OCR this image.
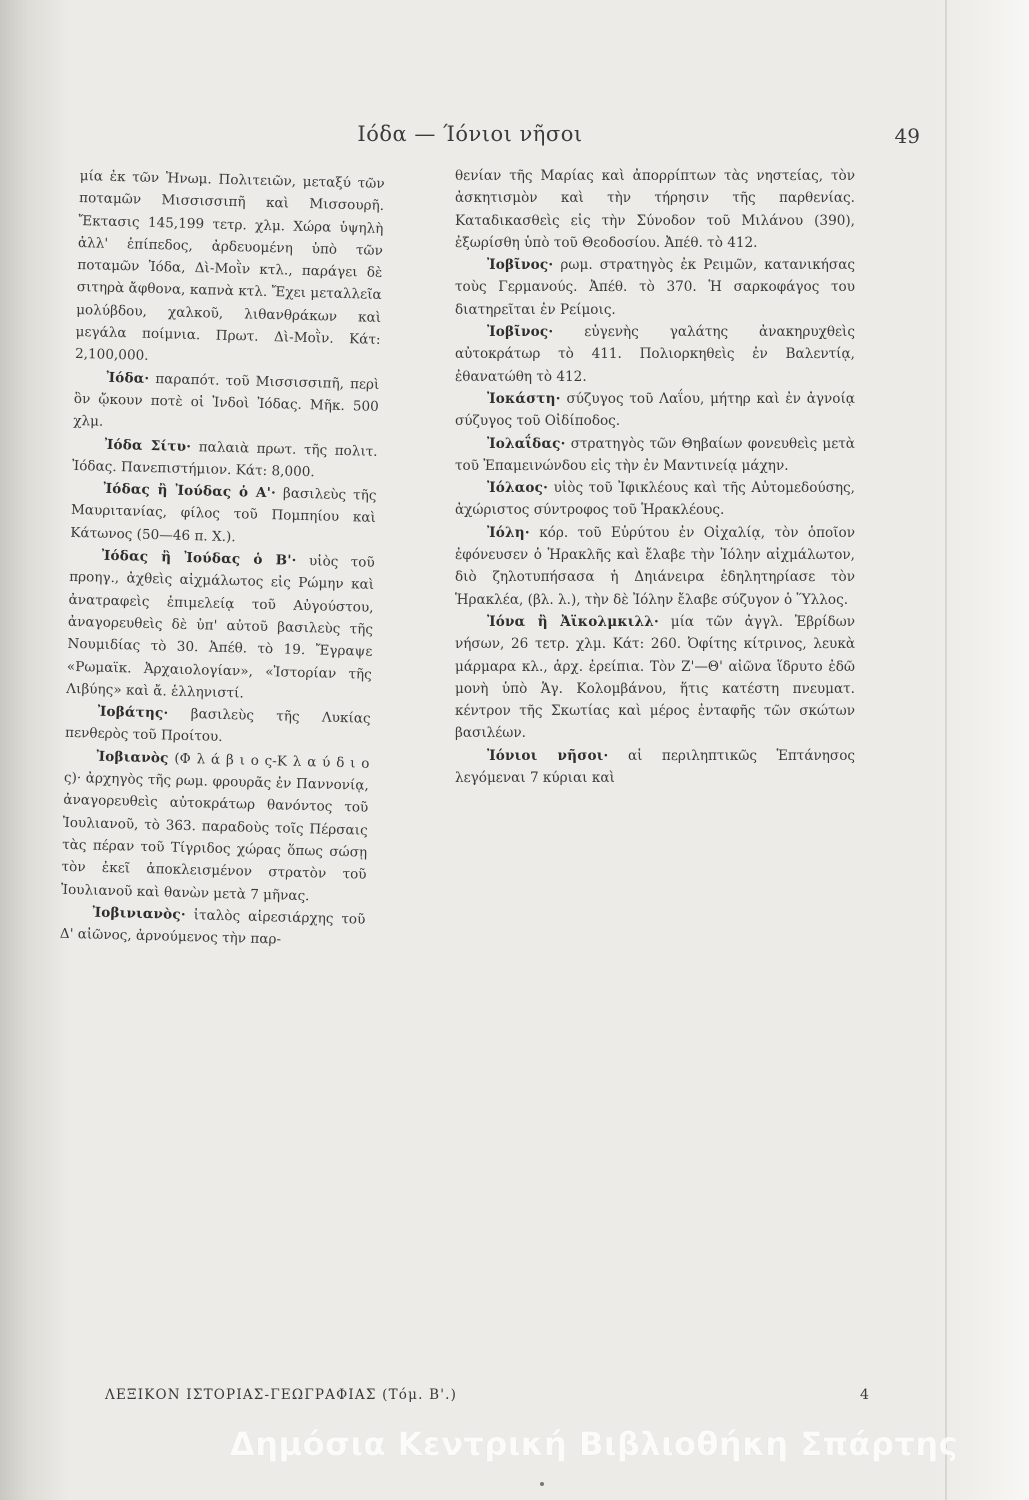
Ιόδα — Ίόνιοι νῆσοι	49

μία ἐκ τῶν Ἡνωμ. Πολιτειῶν, μεταξύ τῶν ποταμῶν Μισσισσιπῆ καὶ Μισσουρῆ. Ἔκτασις 145,199 τετρ. χλμ. Χώρα ὑψηλὴ ἀλλ' ἐπίπεδος, ἀρδευομένη ὑπὸ τῶν ποταμῶν Ἰόδα, Δὶ-Μοῒν κτλ., παράγει δὲ σιτηρὰ ἄφθονα, καπνὰ κτλ. Ἔχει μεταλλεῖα μολύβδου, χαλκοῦ, λιθανθράκων καὶ μεγάλα ποίμνια. Πρωτ. Δὶ-Μοῒν. Κάτ: 2,100,000.

Ἰόδα· παραπότ. τοῦ Μισσισσιπῆ, περὶ ὃν ᾤκουν ποτὲ οἱ Ἰνδοὶ Ἰόδας. Μῆκ. 500 χλμ.

Ἰόδα Σίτυ· παλαιὰ πρωτ. τῆς πολιτ. Ἰόδας. Πανεπιστήμιον. Κάτ: 8,000.

Ἰόδας ἢ Ἰούδας ὁ Α'· βασιλεὺς τῆς Μαυριτανίας, φίλος τοῦ Πομπηίου καὶ Κάτωνος (50—46 π. Χ.).

Ἰόδας ἢ Ἰούδας ὁ Β'· υἱὸς τοῦ προηγ., ἀχθεὶς αἰχμάλωτος εἰς Ρώμην καὶ ἀνατραφεὶς ἐπιμελείᾳ τοῦ Αὐγούστου, ἀναγορευθεὶς δὲ ὑπ' αὐτοῦ βασιλεὺς τῆς Νουμιδίας τὸ 30. Ἀπέθ. τὸ 19. Ἔγραψε «Ρωμαϊκ. Ἀρχαιολογίαν», «Ἱστορίαν τῆς Λιβύης» καὶ ἄ. ἑλληνιστί.

Ἰοβάτης· βασιλεὺς τῆς Λυκίας πενθερὸς τοῦ Προίτου.

Ἰοβιανὸς (Φ λ ά β ι ο ς-Κ λ α ύ δ ι ο ς)· ἀρχηγὸς τῆς ρωμ. φρουρᾶς ἐν Παννονίᾳ, ἀναγορευθεὶς αὐτοκράτωρ θανόντος τοῦ Ἰουλιανοῦ, τὸ 363. παραδοὺς τοῖς Πέρσαις τὰς πέραν τοῦ Τίγριδος χώρας ὅπως σώσῃ τὸν ἐκεῖ ἀποκλεισμένον στρατὸν τοῦ Ἰουλιανοῦ καὶ θανὼν μετὰ 7 μῆνας.

Ἰοβινιανὸς· ἰταλὸς αἱρεσιάρχης τοῦ Δ' αἰῶνος, ἀρνούμενος τὴν παρ-

θενίαν τῆς Μαρίας καὶ ἀπορρίπτων τὰς νηστείας, τὸν ἀσκητισμὸν καὶ τὴν τήρησιν τῆς παρθενίας. Καταδικασθεὶς εἰς τὴν Σύνοδον τοῦ Μιλάνου (390), ἐξωρίσθη ὑπὸ τοῦ Θεοδοσίου. Ἀπέθ. τὸ 412.

Ἰοβῖνος· ρωμ. στρατηγὸς ἐκ Ρειμῶν, κατανικήσας τοὺς Γερμανούς. Ἀπέθ. τὸ 370. Ἡ σαρκοφάγος του διατηρεῖται ἐν Ρείμοις.

Ἰοβῖνος· εὐγενὴς γαλάτης ἀνακηρυχθεὶς αὐτοκράτωρ τὸ 411. Πολιορκηθεὶς ἐν Βαλεντίᾳ, ἐθανατώθη τὸ 412.

Ἰοκάστη· σύζυγος τοῦ Λαΐου, μήτηρ καὶ ἐν ἀγνοίᾳ σύζυγος τοῦ Οἰδίποδος.

Ἰολαΐδας· στρατηγὸς τῶν Θηβαίων φονευθεὶς μετὰ τοῦ Ἐπαμεινώνδου εἰς τὴν ἐν Μαντινείᾳ μάχην.

Ἰόλαος· υἱὸς τοῦ Ἰφικλέους καὶ τῆς Αὐτομεδούσης, ἀχώριστος σύντροφος τοῦ Ἡρακλέους.

Ἰόλη· κόρ. τοῦ Εὐρύτου ἐν Οἰχαλίᾳ, τὸν ὁποῖον ἐφόνευσεν ὁ Ἡρακλῆς καὶ ἔλαβε τὴν Ἰόλην αἰχμάλωτον, διὸ ζηλοτυπήσασα ἡ Δηιάνειρα ἐδηλητηρίασε τὸν Ἡρακλέα, (βλ. λ.), τὴν δὲ Ἰόλην ἔλαβε σύζυγον ὁ Ὕλλος.

Ἰόνα ἢ Ἀϊκολμκιλλ· μία τῶν ἀγγλ. Ἑβρίδων νήσων, 26 τετρ. χλμ. Κάτ: 260. Ὀφίτης κίτρινος, λευκὰ μάρμαρα κλ., ἀρχ. ἐρείπια. Τὸν Ζ'—Θ' αἰῶνα ἵδρυτο ἐδῶ μονὴ ὑπὸ Ἁγ. Κολομβάνου, ἥτις κατέστη πνευματ. κέντρον τῆς Σκωτίας καὶ μέρος ἐνταφῆς τῶν σκώτων βασιλέων.

Ἰόνιοι νῆσοι· αἱ περιληπτικῶς Ἑπτάνησος λεγόμεναι 7 κύριαι καὶ

ΛΕΞΙΚΟΝ ΙΣΤΟΡΙΑΣ-ΓΕΩΓΡΑΦΙΑΣ (Τόμ. Β'.)	4
Δημόσια Κεντρική Βιβλιοθήκη Σπάρτης
